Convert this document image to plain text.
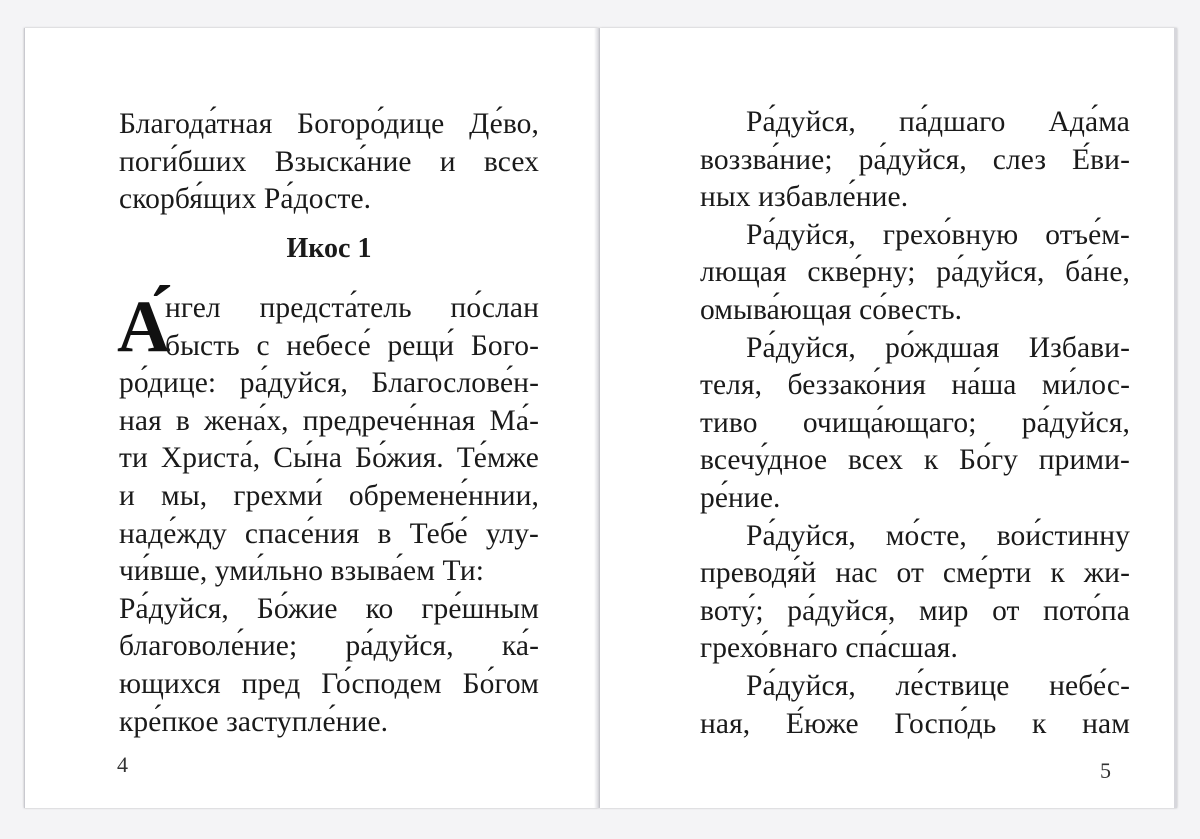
Благода́тная Богоро́дице Де́во,
поги́бших Взыска́ние и всех
скорбя́щих Ра́досте.
Икос 1
А́
нгел предста́тель по́слан
бысть с небесе́ рещи́ Бого-
ро́дице: ра́дуйся, Благослове́н-
ная в жена́х, предрече́нная Ма́-
ти Христа́, Сы́на Бо́жия. Те́мже
и мы, грехми́ обремене́ннии,
наде́жду спасе́ния в Тебе́ улу-
чи́вше, уми́льно взыва́ем Ти:
Ра́дуйся, Бо́жие ко гре́шным
благоволе́ние; ра́дуйся, ка́-
ющихся пред Го́сподем Бо́гом
кре́пкое заступле́ние.
4
Ра́дуйся, па́дшаго Ада́ма
воззва́ние; ра́дуйся, слез Е́ви-
ных избавле́ние.
Ра́дуйся, грехо́вную отъе́м-
лющая скве́рну; ра́дуйся, ба́не,
омыва́ющая со́весть.
Ра́дуйся, ро́ждшая Избави-
теля, беззако́ния на́ша ми́лос-
тиво очища́ющаго; ра́дуйся,
всечу́дное всех к Бо́гу прими-
ре́ние.
Ра́дуйся, мо́сте, вои́стинну
преводя́й нас от сме́рти к жи-
воту́; ра́дуйся, мир от пото́па
грехо́внаго спа́сшая.
Ра́дуйся, ле́ствице небе́с-
ная, Е́юже Госпо́дь к нам
5
